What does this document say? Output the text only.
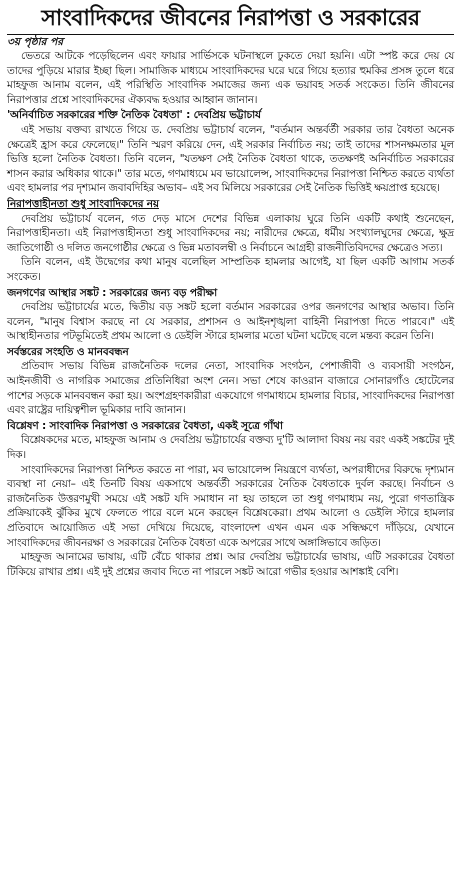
সাংবাদিকদের জীবনের নিরাপত্তা ও সরকারের

৩য় পৃষ্ঠার পর

ভেতরে আটকে পড়েছিলেন এবং ফায়ার সার্ভিসকে ঘটনাস্থলে ঢুকতে দেয়া হয়নি। এটা স্পষ্ট করে দেয় যে তাদের পুড়িয়ে মারার ইচ্ছা ছিল। সামাজিক মাধ্যমে সাংবাদিকদের ঘরে ঘরে গিয়ে হত্যার হুমকির প্রসঙ্গ তুলে ধরে মাহফুজ আনাম বলেন, এই পরিস্থিতি সাংবাদিক সমাজের জন্য এক ভয়াবহ সতর্ক সংকেত। তিনি জীবনের নিরাপত্তার প্রশ্নে সাংবাদিকদের ঐক্যবদ্ধ হওয়ার আহ্বান জানান।

'অনির্বাচিত সরকারের শক্তি নৈতিক বৈধতা' : দেবপ্রিয় ভট্টাচার্য

এই সভায় বক্তব্য রাখতে গিয়ে ড. দেবপ্রিয় ভট্টাচার্য বলেন, "বর্তমান অন্তর্বর্তী সরকার তার বৈধতা অনেক ক্ষেত্রেই হ্রাস করে ফেলেছে।" তিনি স্মরণ করিয়ে দেন, এই সরকার নির্বাচিত নয়; তাই তাদের শাসনক্ষমতার মূল ভিত্তি হলো নৈতিক বৈধতা। তিনি বলেন, "যতক্ষণ সেই নৈতিক বৈধতা থাকে, ততক্ষণই অনির্বাচিত সরকারের শাসন করার অধিকার থাকে।" তার মতে, গণমাধ্যমে মব ভায়োলেন্স, সাংবাদিকদের নিরাপত্তা নিশ্চিত করতে ব্যর্থতা এবং হামলার পর দৃশ্যমান জবাবদিহির অভাব– এই সব মিলিয়ে সরকারের সেই নৈতিক ভিত্তিই ক্ষয়প্রাপ্ত হয়েছে।

নিরাপত্তাহীনতা শুধু সাংবাদিকদের নয়

দেবপ্রিয় ভট্টাচার্য বলেন, গত দেড় মাসে দেশের বিভিন্ন এলাকায় ঘুরে তিনি একটি কথাই শুনেছেন, নিরাপত্তাহীনতা। এই নিরাপত্তাহীনতা শুধু সাংবাদিকদের নয়; নারীদের ক্ষেত্রে, ধর্মীয় সংখ্যালঘুদের ক্ষেত্রে, ক্ষুদ্র জাতিগোষ্ঠী ও দলিত জনগোষ্ঠীর ক্ষেত্রে ও ভিন্ন মতাবলম্বী ও নির্বাচনে আগ্রহী রাজনীতিবিদদের ক্ষেত্রেও সত্য।

তিনি বলেন, এই উদ্বেগের কথা মানুষ বলেছিল সাম্প্রতিক হামলার আগেই, যা ছিল একটি আগাম সতর্ক সংকেত।

জনগণের আস্থার সঙ্কট : সরকারের জন্য বড় পরীক্ষা

দেবপ্রিয় ভট্টাচার্যের মতে, দ্বিতীয় বড় সঙ্কট হলো বর্তমান সরকারের ওপর জনগণের আস্থার অভাব। তিনি বলেন, "মানুষ বিশ্বাস করছে না যে সরকার, প্রশাসন ও আইনশৃঙ্খলা বাহিনী নিরাপত্তা দিতে পারবে।" এই আস্থাহীনতার পটভূমিতেই প্রথম আলো ও ডেইলি স্টারে হামলার মতো ঘটনা ঘটেছে বলে মন্তব্য করেন তিনি।

সর্বস্তরের সংহতি ও মানববন্ধন

প্রতিবাদ সভায় বিভিন্ন রাজনৈতিক দলের নেতা, সাংবাদিক সংগঠন, পেশাজীবী ও ব্যবসায়ী সংগঠন, আইনজীবী ও নাগরিক সমাজের প্রতিনিধিরা অংশ নেন। সভা শেষে কাওরান বাজারে সোনারগাঁও হোটেলের পাশের সড়কে মানববন্ধন করা হয়। অংশগ্রহণকারীরা একযোগে গণমাধ্যমে হামলার বিচার, সাংবাদিকদের নিরাপত্তা এবং রাষ্ট্রের দায়িত্বশীল ভূমিকার দাবি জানান।

বিশ্লেষণ : সাংবাদিক নিরাপত্তা ও সরকারের বৈধতা, একই সূত্রে গাঁথা

বিশ্লেষকদের মতে, মাহফুজ আনাম ও দেবপ্রিয় ভট্টাচার্যের বক্তব্য দু'টি আলাদা বিষয় নয় বরং একই সঙ্কটের দুই দিক।

সাংবাদিকদের নিরাপত্তা নিশ্চিত করতে না পারা, মব ভায়োলেন্স নিয়ন্ত্রণে ব্যর্থতা, অপরাধীদের বিরুদ্ধে দৃশ্যমান ব্যবস্থা না নেয়া– এই তিনটি বিষয় একসাথে অন্তর্বর্তী সরকারের নৈতিক বৈধতাকে দুর্বল করছে। নির্বাচন ও রাজনৈতিক উত্তরণমুখী সময়ে এই সঙ্কট যদি সমাধান না হয় তাহলে তা শুধু গণমাধ্যম নয়, পুরো গণতান্ত্রিক প্রক্রিয়াকেই ঝুঁকির মুখে ফেলতে পারে বলে মনে করছেন বিশ্লেষকেরা। প্রথম আলো ও ডেইলি স্টারে হামলার প্রতিবাদে আয়োজিত এই সভা দেখিয়ে দিয়েছে, বাংলাদেশ এখন এমন এক সন্ধিক্ষণে দাঁড়িয়ে, যেখানে সাংবাদিকদের জীবনরক্ষা ও সরকারের নৈতিক বৈধতা একে অপরের সাথে অঙ্গাঙ্গিভাবে জড়িত।

মাহফুজ আনামের ভাষায়, এটি বেঁচে থাকার প্রশ্ন। আর দেবপ্রিয় ভট্টাচার্যের ভাষায়, এটি সরকারের বৈধতা টিকিয়ে রাখার প্রশ্ন। এই দুই প্রশ্নের জবাব দিতে না পারলে সঙ্কট আরো গভীর হওয়ার আশঙ্কাই বেশি।
